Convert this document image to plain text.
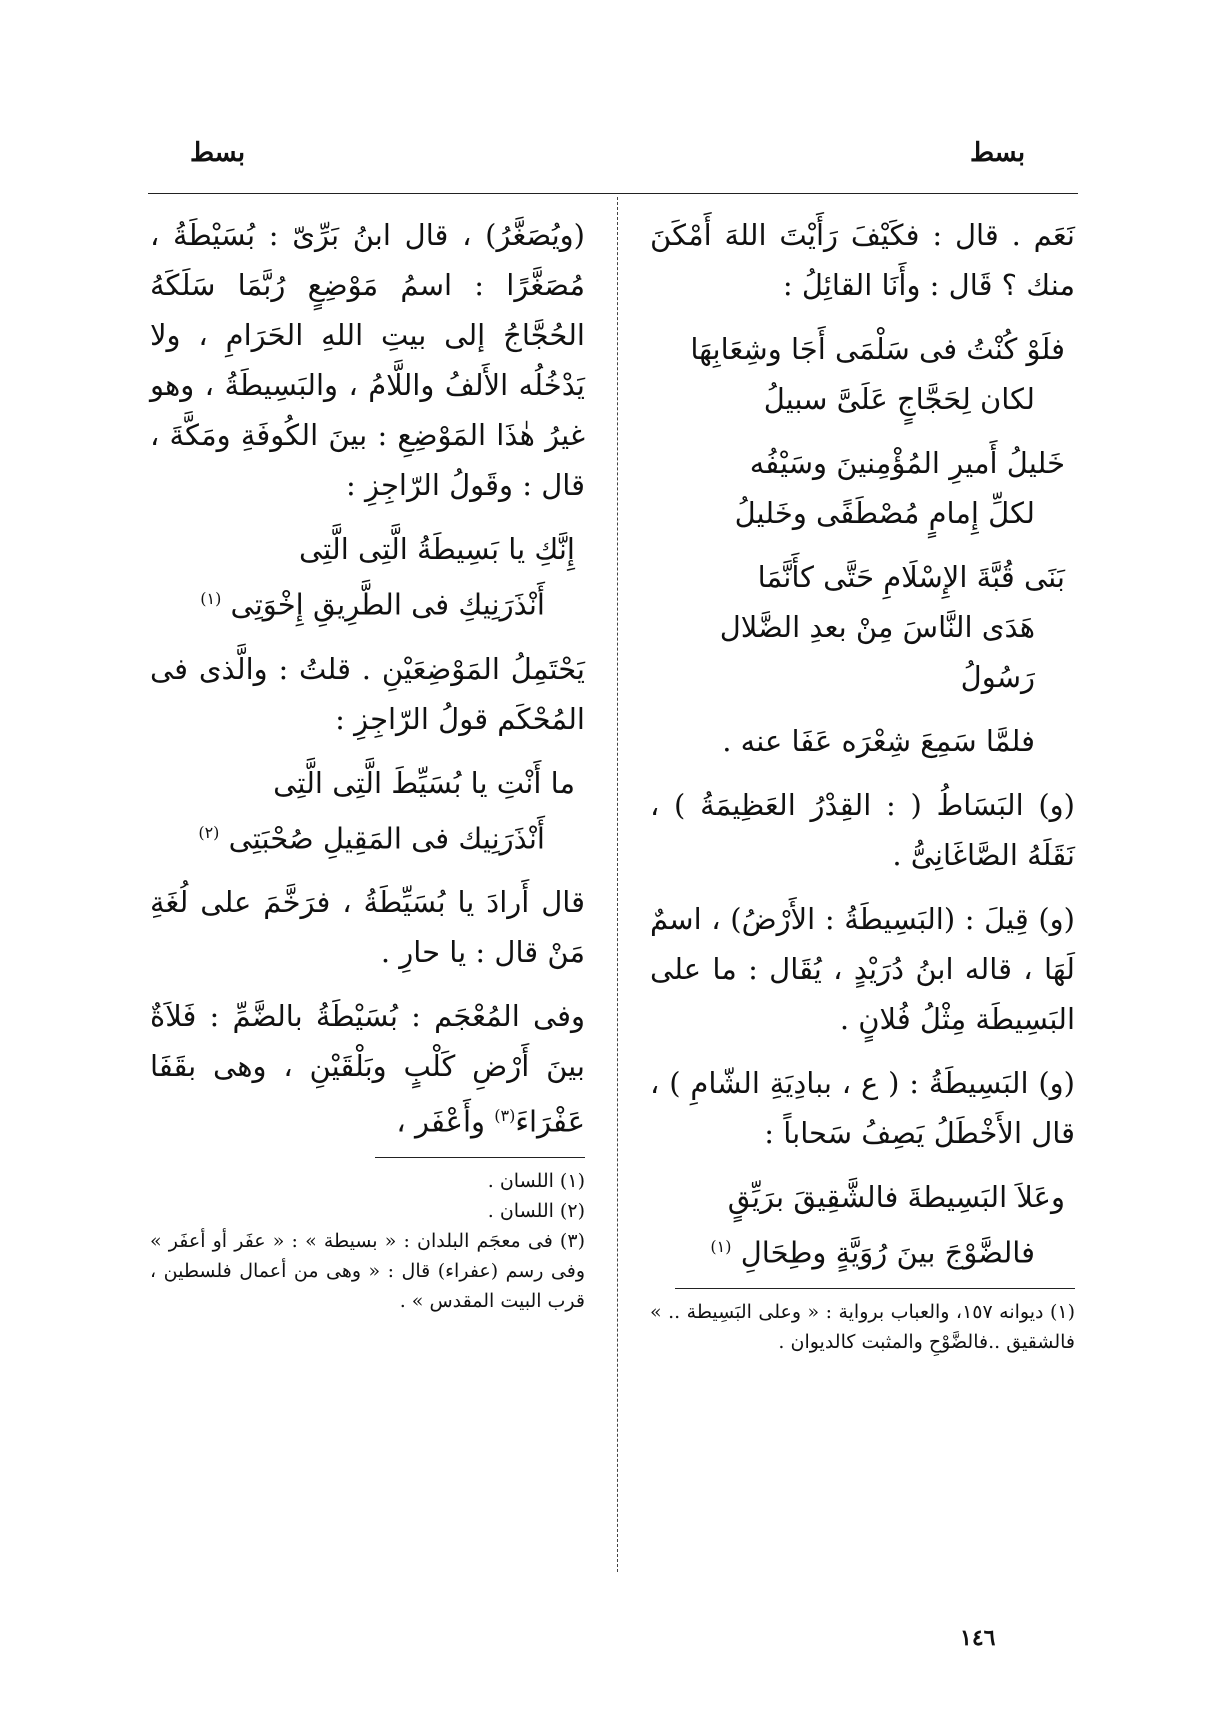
بسط
بسط

نَعَم . قال : فكَيْفَ رَأَيْتَ اللهَ أَمْكَنَ منك ؟ قَال : وأَنَا القائِلُ :

فلَوْ كُنْتُ فى سَلْمَى أَجَا وشِعَابِهَا
لكان لِحَجَّاجٍ عَلَىَّ سبيلُ
خَليلُ أَميرِ المُؤْمِنينَ وسَيْفُه
لكلِّ إِمامٍ مُصْطَفًى وخَليلُ
بَنَى قُبَّةَ الإِسْلَامِ حَتَّى كأَنَّمَا
هَدَى النَّاسَ مِنْ بعدِ الضَّلال رَسُولُ

فلمَّا سَمِعَ شِعْرَه عَفَا عنه .

(و) البَسَاطُ ( : القِدْرُ العَظِيمَةُ ) ، نَقَلَهُ الصَّاغَانِىُّ .

(و) قِيلَ : (البَسِيطَةُ : الأَرْضُ) ، اسمٌ لَهَا ، قاله ابنُ دُرَيْدٍ ، يُقَال : ما على البَسِيطَة مِثْلُ فُلانٍ .

(و) البَسِيطَةُ : ( ع ، ببادِيَةِ الشّامِ ) ، قال الأَخْطَلُ يَصِفُ سَحاباً :

وعَلاَ البَسِيطةَ فالشَّقِيقَ برَيِّقٍ
فالضَّوْجَ بينَ رُوَيَّةٍ وطِحَالِ $^{(١)}$

(١) ديوانه ١٥٧، والعباب برواية : « وعلى البَسِيطة .. » فالشقيق ..فالضَّوْحِ والمثبت كالديوان .

(ويُصَغَّرُ) ، قال ابنُ بَرِّىّ : بُسَيْطَةُ ، مُصَغَّرًا : اسمُ مَوْضِعٍ رُبَّمَا سَلَكَهُ الحُجَّاجُ إلى بيتِ اللهِ الحَرَامِ ، ولا يَدْخُلُه الأَلفُ واللَّامُ ، والبَسِيطَةُ ، وهو غيرُ هٰذَا المَوْضِعِ : بينَ الكُوفَةِ ومَكَّةَ ، قال : وقَولُ الرّاجِزِ :

إِنَّكِ يا بَسِيطَةُ الَّتِى الَّتِى
أَنْذَرَنِيكِ فى الطَّرِيقِ إِخْوَتِى $^{(١)}$

يَحْتَمِلُ المَوْضِعَيْنِ . قلتُ : والَّذى فى المُحْكَم قولُ الرّاجِزِ :

ما أَنْتِ يا بُسَيِّطَ الَّتِى الَّتِى
أَنْذَرَنِيك فى المَقِيلِ صُحْبَتِى $^{(٢)}$

قال أَرادَ يا بُسَيِّطَةُ ، فرَخَّمَ على لُغَةِ مَنْ قال : يا حارِ .

وفى المُعْجَم : بُسَيْطَةُ بالضَّمِّ : فَلاَةٌ بينَ أَرْضِ كَلْبٍ وبَلْقَيْنِ ، وهى بقَفَا عَفْرَاءَ$^{(٣)}$ وأَعْفَر ،

(١) اللسان .

(٢) اللسان .

(٣) فى معجَم البلدان : « بسيطة » : « عفَر أو أعفَر » وفى رسم (عفراء) قال : « وهى من أعمال فلسطين ، قرب البيت المقدس » .

١٤٦
